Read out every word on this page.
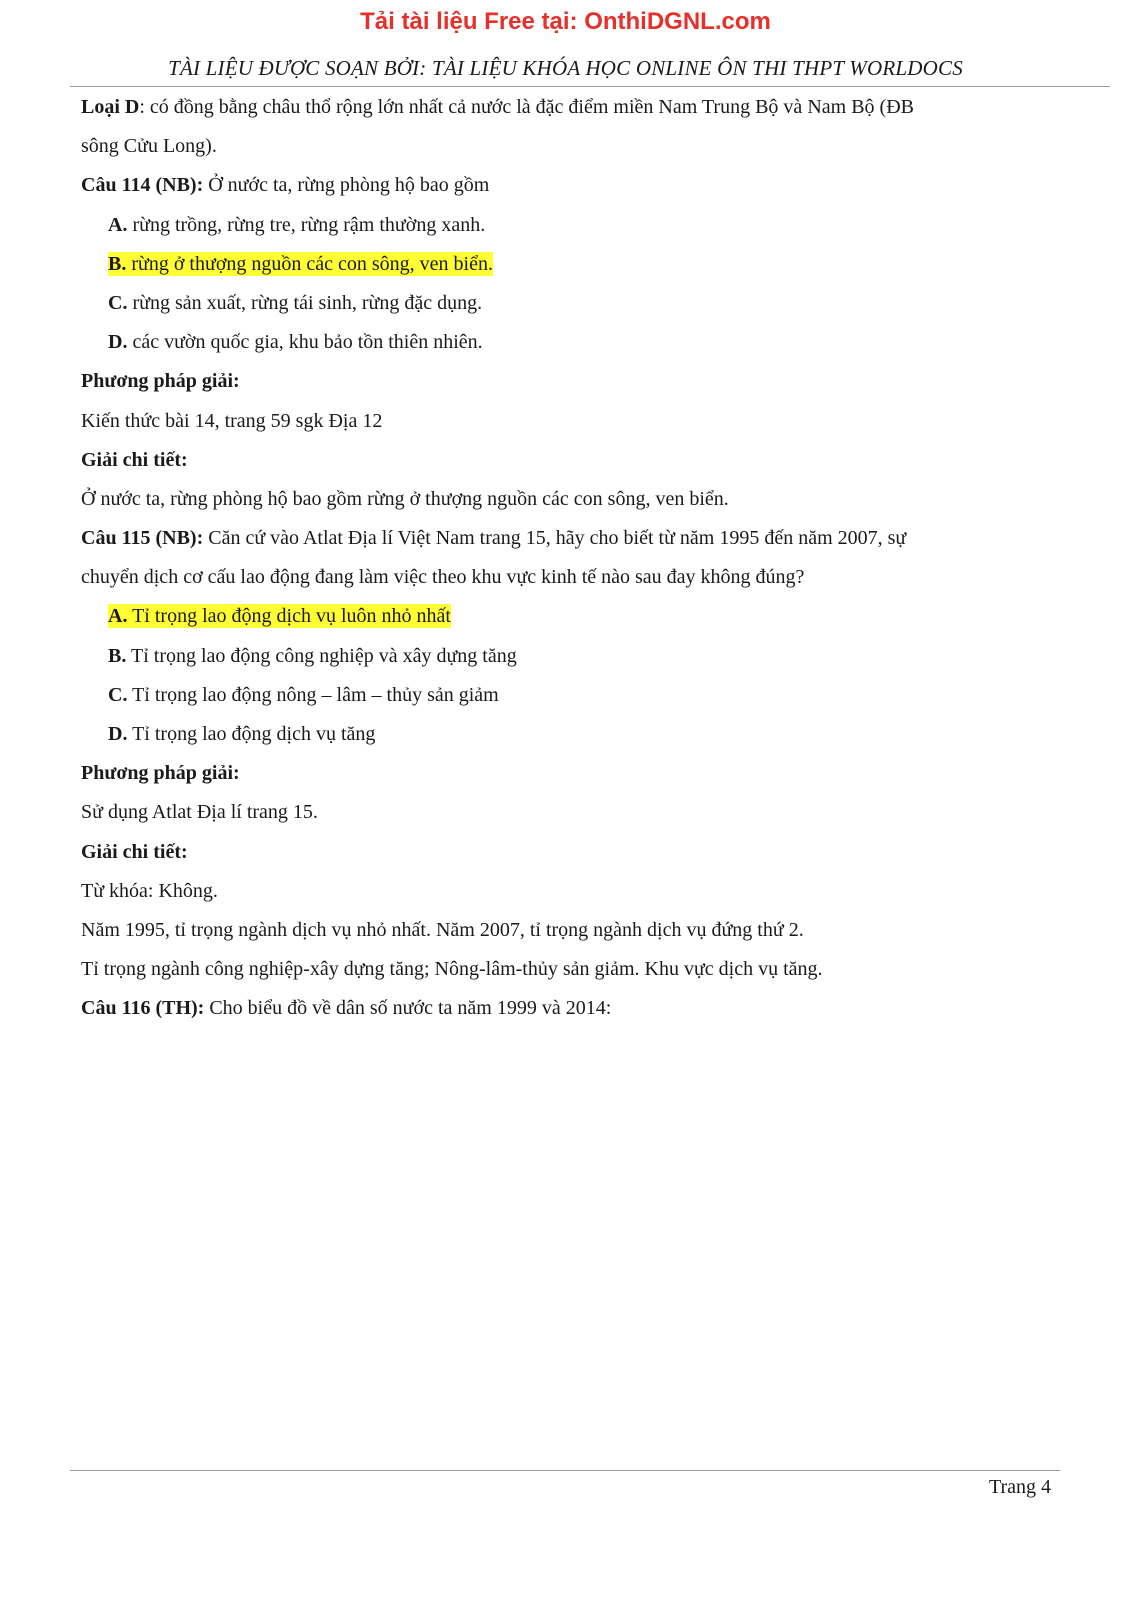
Tải tài liệu Free tại: OnthiDGNL.com
TÀI LIỆU ĐƯỢC SOẠN BỞI: TÀI LIỆU KHÓA HỌC ONLINE ÔN THI THPT WORLDOCS
Loại D: có đồng bằng châu thổ rộng lớn nhất cả nước là đặc điểm miền Nam Trung Bộ và Nam Bộ (ĐB
sông Cửu Long).
Câu 114 (NB): Ở nước ta, rừng phòng hộ bao gồm
A. rừng trồng, rừng tre, rừng rậm thường xanh.
B. rừng ở thượng nguồn các con sông, ven biển.
C. rừng sản xuất, rừng tái sinh, rừng đặc dụng.
D. các vườn quốc gia, khu bảo tồn thiên nhiên.
Phương pháp giải:
Kiến thức bài 14, trang 59 sgk Địa 12
Giải chi tiết:
Ở nước ta, rừng phòng hộ bao gồm rừng ở thượng nguồn các con sông, ven biển.
Câu 115 (NB): Căn cứ vào Atlat Địa lí Việt Nam trang 15, hãy cho biết từ năm 1995 đến năm 2007, sự
chuyển dịch cơ cấu lao động đang làm việc theo khu vực kinh tế nào sau đay không đúng?
A. Tỉ trọng lao động dịch vụ luôn nhỏ nhất
B. Tỉ trọng lao động công nghiệp và xây dựng tăng
C. Tỉ trọng lao động nông – lâm – thủy sản giảm
D. Tỉ trọng lao động dịch vụ tăng
Phương pháp giải:
Sử dụng Atlat Địa lí trang 15.
Giải chi tiết:
Từ khóa: Không.
Năm 1995, tỉ trọng ngành dịch vụ nhỏ nhất. Năm 2007, tỉ trọng ngành dịch vụ đứng thứ 2.
Tỉ trọng ngành công nghiệp-xây dựng tăng; Nông-lâm-thủy sản giảm. Khu vực dịch vụ tăng.
Câu 116 (TH): Cho biểu đồ về dân số nước ta năm 1999 và 2014:
Trang 4
